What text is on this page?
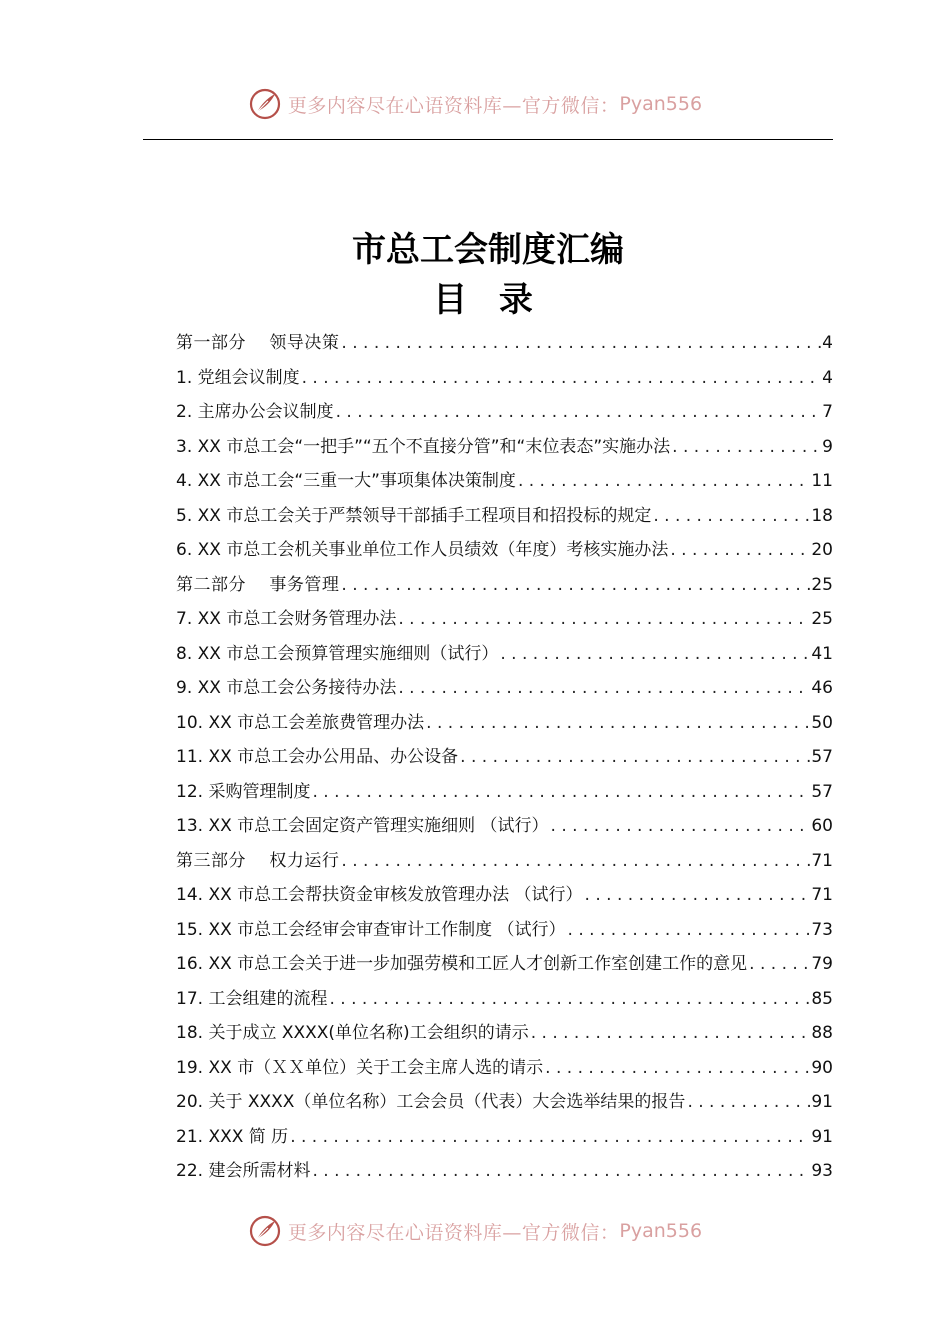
更多内容尽在心语资料库—官方微信： Pyan556
市总工会制度汇编
目 录
第一部分　 领导决策 . . .	4
1. 党组会议制度 . . .	4
2. 主席办公会议制度 . . .	7
3. XX 市总工会“一把手”“五个不直接分管”和“末位表态”实施办法 . . .	9
4. XX 市总工会“三重一大”事项集体决策制度 . . .	11
5. XX 市总工会关于严禁领导干部插手工程项目和招投标的规定 . . .	18
6. XX 市总工会机关事业单位工作人员绩效（年度）考核实施办法 . . .	20
第二部分　 事务管理 . . .	25
7. XX 市总工会财务管理办法 . . .	25
8. XX 市总工会预算管理实施细则（试行） . . .	41
9. XX 市总工会公务接待办法 . . .	46
10. XX 市总工会差旅费管理办法 . . .	50
11. XX 市总工会办公用品、办公设备 . . .	57
12. 采购管理制度 . . .	57
13. XX 市总工会固定资产管理实施细则 （试行） . . .	60
第三部分　 权力运行 . . .	71
14. XX 市总工会帮扶资金审核发放管理办法 （试行） . . .	71
15. XX 市总工会经审会审查审计工作制度 （试行） . . .	73
16. XX 市总工会关于进一步加强劳模和工匠人才创新工作室创建工作的意见 . . .	79
17. 工会组建的流程 . . .	85
18. 关于成立 XXXX(单位名称)工会组织的请示 . . .	88
19. XX 市（ＸＸ单位）关于工会主席人选的请示 . . .	90
20. 关于 XXXX（单位名称）工会会员（代表）大会选举结果的报告 . . .	91
21. XXX 简 历 . . .	91
22. 建会所需材料 . . .	93
更多内容尽在心语资料库—官方微信： Pyan556
